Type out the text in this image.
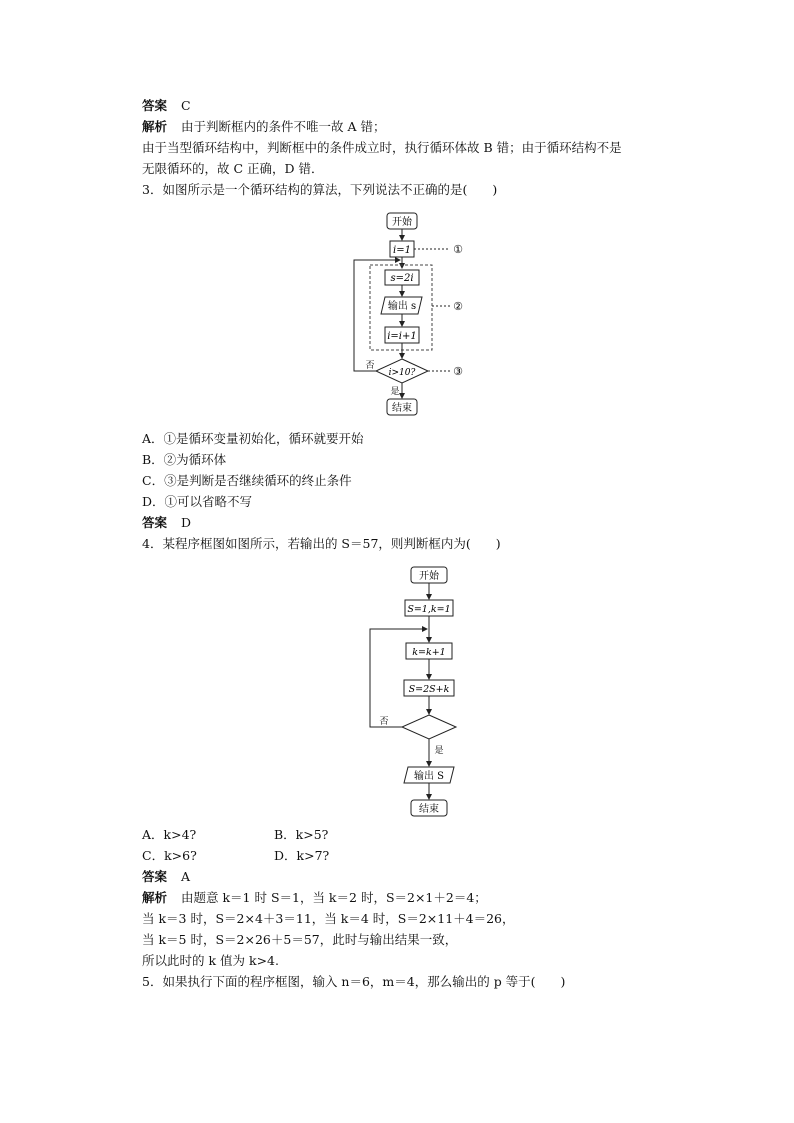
答案 C
解析 由于判断框内的条件不唯一故 A 错；
由于当型循环结构中，判断框中的条件成立时，执行循环体故 B 错；由于循环结构不是
无限循环的，故 C 正确，D 错．
3．如图所示是一个循环结构的算法，下列说法不正确的是(　　)
开始
i=1	①
s=2i
输出 s	②
i=i+1
i>10?	③
否
是
结束
A．①是循环变量初始化，循环就要开始
B．②为循环体
C．③是判断是否继续循环的终止条件
D．①可以省略不写
答案 D
4．某程序框图如图所示，若输出的 S＝57，则判断框内为(　　)
开始
S=1,k=1
k=k+1
S=2S+k
否
是
输出 S
结束
A．k>4?	B．k>5?
C．k>6?	D．k>7?
答案 A
解析 由题意 k＝1 时 S＝1，当 k＝2 时，S＝2×1＋2＝4；
当 k＝3 时，S＝2×4＋3＝11，当 k＝4 时，S＝2×11＋4＝26，
当 k＝5 时，S＝2×26＋5＝57，此时与输出结果一致，
所以此时的 k 值为 k>4.
5．如果执行下面的程序框图，输入 n＝6，m＝4，那么输出的 p 等于(　　)
